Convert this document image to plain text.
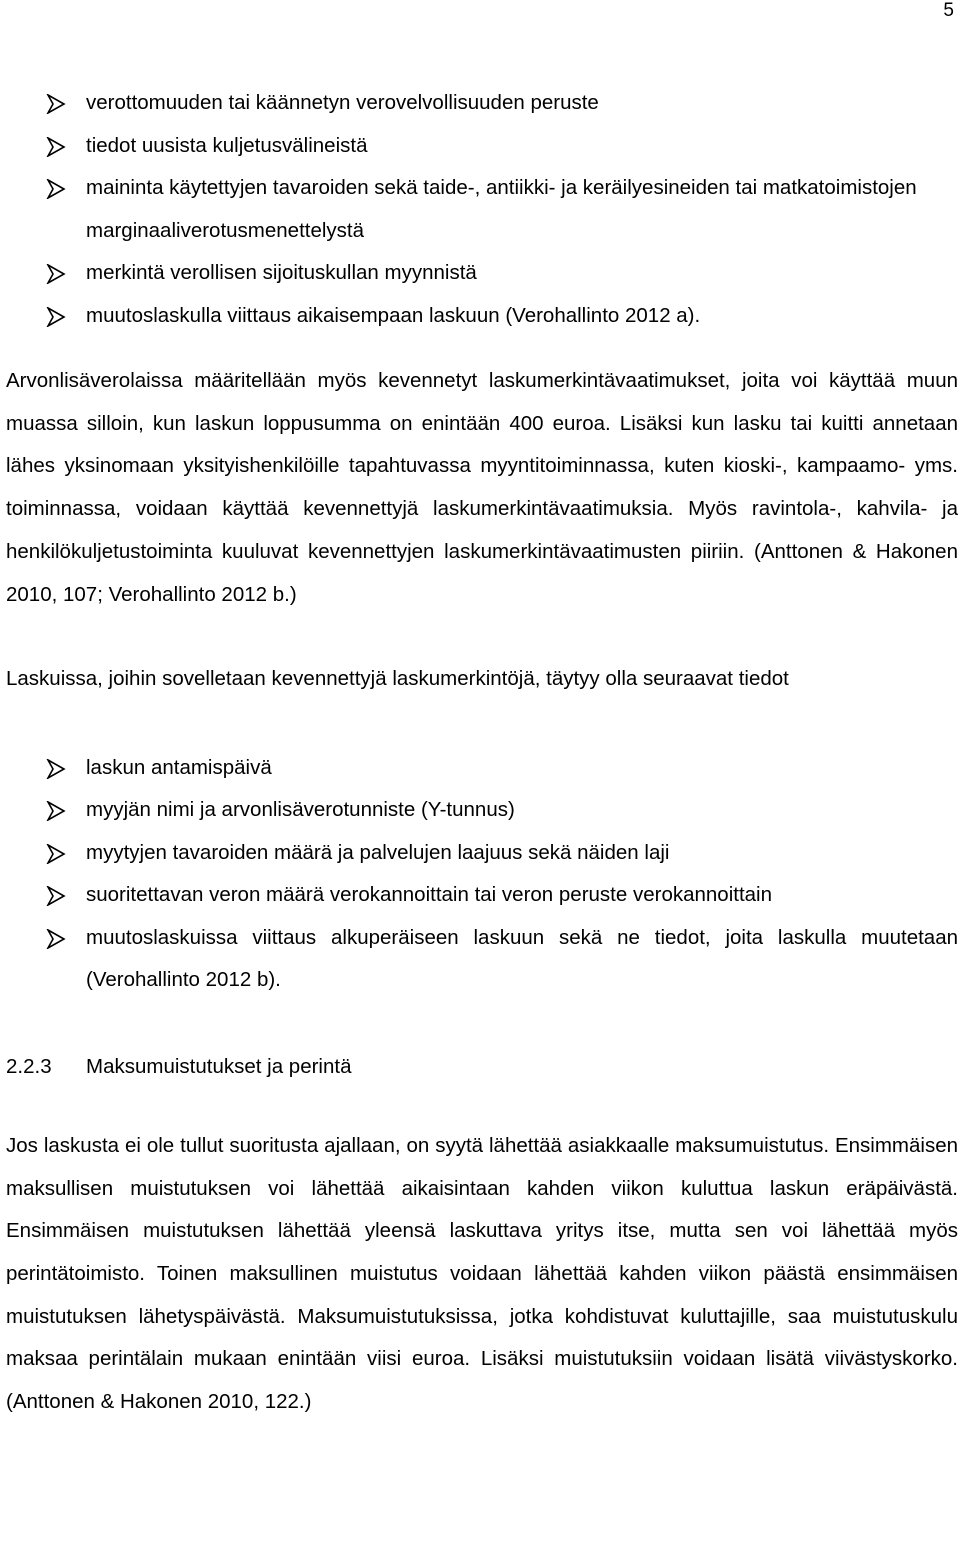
5
verottomuuden tai käännetyn verovelvollisuuden peruste
tiedot uusista kuljetusvälineistä
maininta käytettyjen tavaroiden sekä taide-, antiikki- ja keräilyesineiden tai matkatoimistojen marginaaliverotusmenettelystä
merkintä verollisen sijoituskullan myynnistä
muutoslaskulla viittaus aikaisempaan laskuun (Verohallinto 2012 a).

Arvonlisäverolaissa määritellään myös kevennetyt laskumerkintävaatimukset, joita voi käyttää muun muassa silloin, kun laskun loppusumma on enintään 400 euroa. Lisäksi kun lasku tai kuitti annetaan lähes yksinomaan yksityishenkilöille tapahtuvassa myyntitoiminnassa, kuten kioski-, kampaamo- yms. toiminnassa, voidaan käyttää kevennettyjä laskumerkintävaatimuksia. Myös ravintola-, kahvila- ja henkilökuljetustoiminta kuuluvat kevennettyjen laskumerkintävaatimusten piiriin. (Anttonen & Hakonen 2010, 107; Verohallinto 2012 b.)

Laskuissa, joihin sovelletaan kevennettyjä laskumerkintöjä, täytyy olla seuraavat tiedot

laskun antamispäivä
myyjän nimi ja arvonlisäverotunniste (Y-tunnus)
myytyjen tavaroiden määrä ja palvelujen laajuus sekä näiden laji
suoritettavan veron määrä verokannoittain tai veron peruste verokannoittain
muutoslaskuissa viittaus alkuperäiseen laskuun sekä ne tiedot, joita laskulla muutetaan (Verohallinto 2012 b).
2.2.3	Maksumuistutukset ja perintä

Jos laskusta ei ole tullut suoritusta ajallaan, on syytä lähettää asiakkaalle maksumuistutus. Ensimmäisen maksullisen muistutuksen voi lähettää aikaisintaan kahden viikon kuluttua laskun eräpäivästä. Ensimmäisen muistutuksen lähettää yleensä laskuttava yritys itse, mutta sen voi lähettää myös perintätoimisto. Toinen maksullinen muistutus voidaan lähettää kahden viikon päästä ensimmäisen muistutuksen lähetyspäivästä. Maksumuistutuksissa, jotka kohdistuvat kuluttajille, saa muistutuskulu maksaa perintälain mukaan enintään viisi euroa. Lisäksi muistutuksiin voidaan lisätä viivästyskorko. (Anttonen & Hakonen 2010, 122.)
